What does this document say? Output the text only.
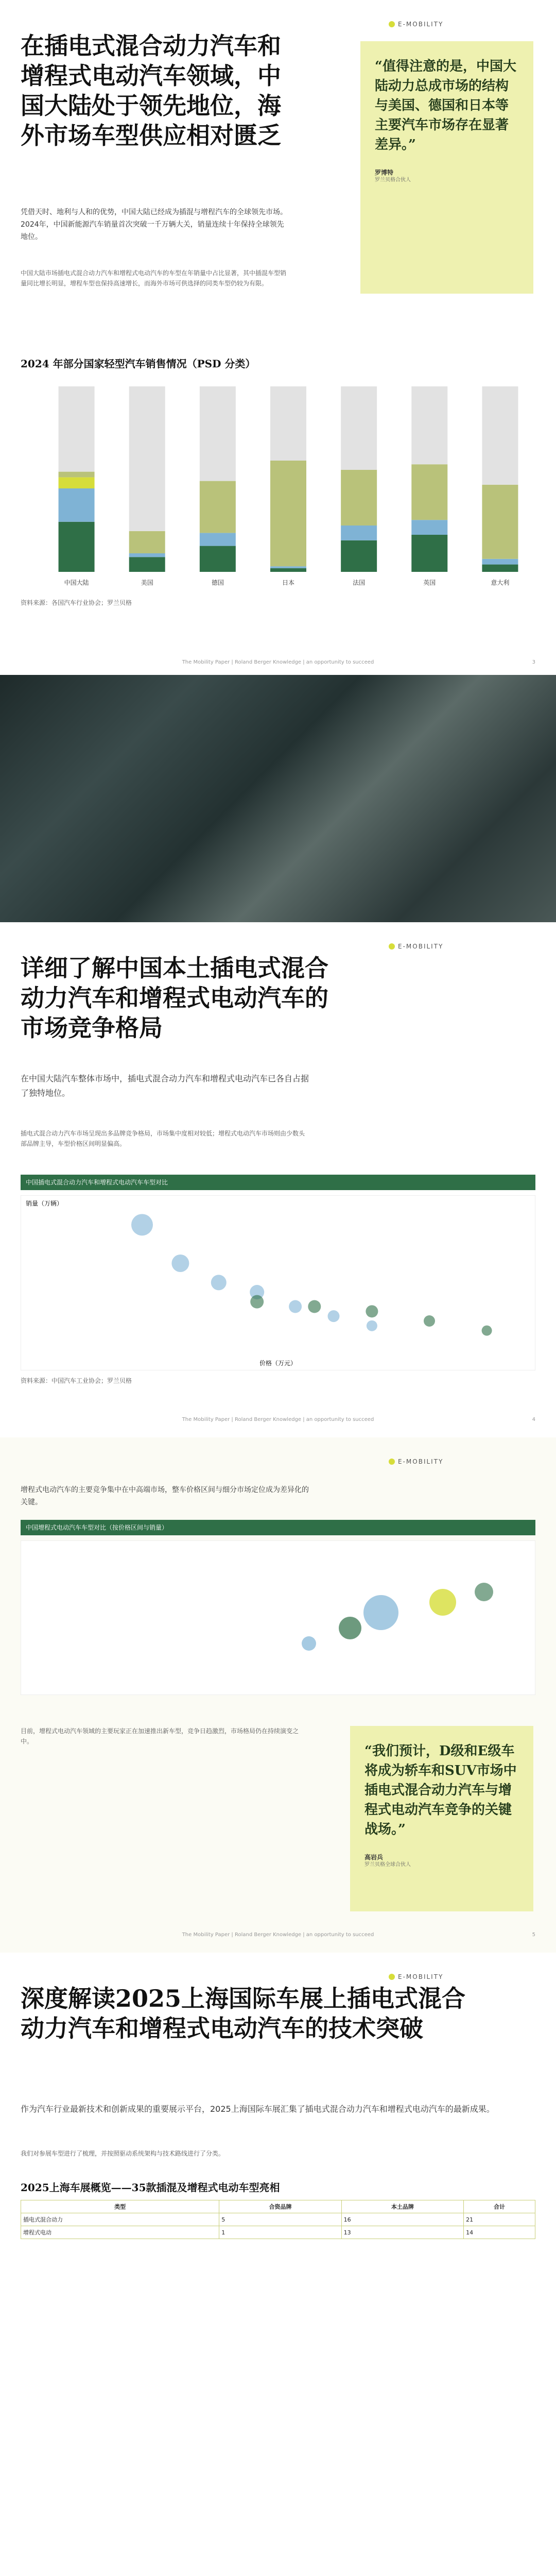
E-MOBILITY
在插电式混合动力汽车和增程式电动汽车领域，中国大陆处于领先地位，海外市场车型供应相对匮乏
凭借天时、地利与人和的优势，中国大陆已经成为插混与增程汽车的全球领先市场。2024年，中国新能源汽车销量首次突破一千万辆大关，销量连续十年保持全球领先地位。
中国大陆市场插电式混合动力汽车和增程式电动汽车的车型在年销量中占比显著，其中插混车型销量同比增长明显，增程车型也保持高速增长，而海外市场可供选择的同类车型仍较为有限。
“值得注意的是，中国大陆动力总成市场的结构与美国、德国和日本等主要汽车市场存在显著差异。”
罗博特
罗兰贝格合伙人
2024 年部分国家轻型汽车销售情况（PSD 分类）
中国大陆	美国	德国	日本	法国	英国	意大利
资料来源：各国汽车行业协会；罗兰贝格
The Mobility Paper | Roland Berger Knowledge | an opportunity to succeed	3
E-MOBILITY
详细了解中国本土插电式混合动力汽车和增程式电动汽车的市场竞争格局
在中国大陆汽车整体市场中，插电式混合动力汽车和增程式电动汽车已各自占据了独特地位。
插电式混合动力汽车市场呈现出多品牌竞争格局，市场集中度相对较低；增程式电动汽车市场则由少数头部品牌主导，车型价格区间明显偏高。
中国插电式混合动力汽车和增程式电动汽车车型对比
价格（万元）
销量（万辆）
资料来源：中国汽车工业协会；罗兰贝格
The Mobility Paper | Roland Berger Knowledge | an opportunity to succeed	4
E-MOBILITY
增程式电动汽车的主要竞争集中在中高端市场，整车价格区间与细分市场定位成为差异化的关键。
中国增程式电动汽车车型对比（按价格区间与销量）
目前，增程式电动汽车领域的主要玩家正在加速推出新车型，竞争日趋激烈，市场格局仍在持续演变之中。
“我们预计，D级和E级车将成为轿车和SUV市场中插电式混合动力汽车与增程式电动汽车竞争的关键战场。”
高岩兵
罗兰贝格全球合伙人
The Mobility Paper | Roland Berger Knowledge | an opportunity to succeed	5
E-MOBILITY
深度解读2025上海国际车展上插电式混合动力汽车和增程式电动汽车的技术突破
作为汽车行业最新技术和创新成果的重要展示平台，2025上海国际车展汇集了插电式混合动力汽车和增程式电动汽车的最新成果。
我们对参展车型进行了梳理，并按照驱动系统架构与技术路线进行了分类。
2025上海车展概览——35款插混及增程式电动车型亮相
类型	合资品牌	本土品牌	合计
插电式混合动力	5	16	21
增程式电动	1	13	14
